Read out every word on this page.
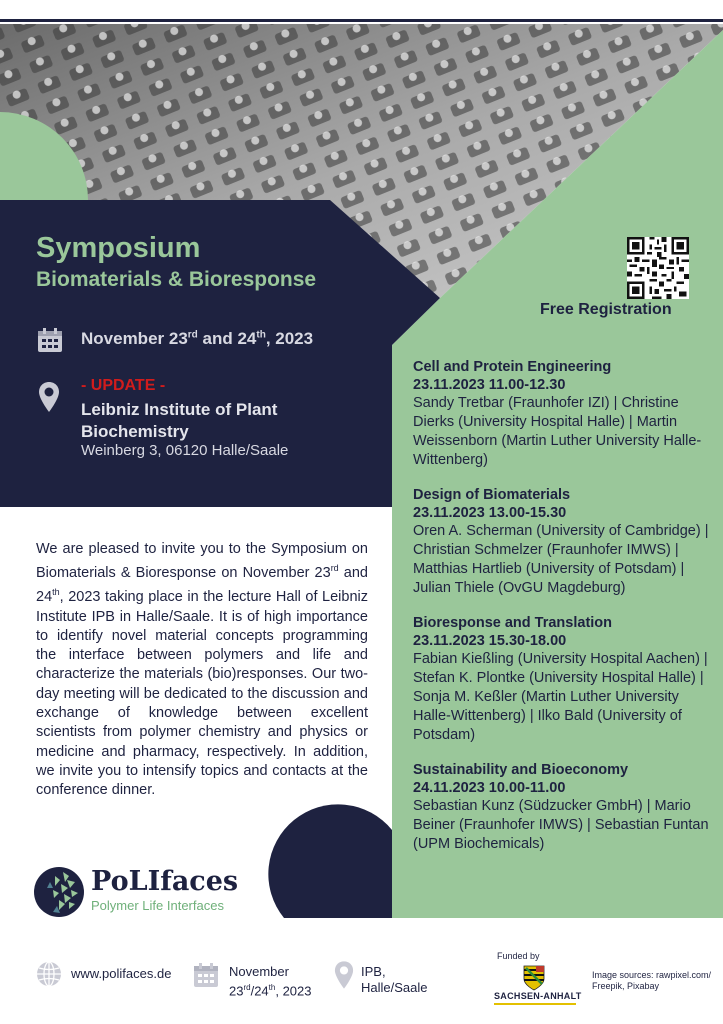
Symposium
Biomaterials & Bioresponse
November 23rd and 24th, 2023
- UPDATE -
Leibniz Institute of Plant Biochemistry
Weinberg 3, 06120 Halle/Saale
Free Registration
Cell and Protein Engineering
23.11.2023 11.00-12.30
Sandy Tretbar (Fraunhofer IZI) | Christine Dierks (University Hospital Halle) | Martin Weissenborn (Martin Luther University Halle-Wittenberg)
Design of Biomaterials
23.11.2023 13.00-15.30
Oren A. Scherman (University of Cambridge) | Christian Schmelzer (Fraunhofer IMWS) | Matthias Hartlieb (University of Potsdam) | Julian Thiele (OvGU Magdeburg)
Bioresponse and Translation
23.11.2023 15.30-18.00
Fabian Kießling (University Hospital Aachen) | Stefan K. Plontke (University Hospital Halle) | Sonja M. Keßler (Martin Luther University Halle-Wittenberg) | Ilko Bald (University of Potsdam)
Sustainability and Bioeconomy
24.11.2023 10.00-11.00
Sebastian Kunz (Südzucker GmbH) | Mario Beiner (Fraunhofer IMWS) | Sebastian Funtan (UPM Biochemicals)
We are pleased to invite you to the Symposium on Biomaterials & Bioresponse on November 23rd and 24th, 2023 taking place in the lecture Hall of Leibniz Institute IPB in Halle/Saale. It is of high importance to identify novel material concepts programming the interface between polymers and life and characterize the materials (bio)responses. Our two-day meeting will be dedicated to the discussion and exchange of knowledge between excellent scientists from polymer chemistry and physics or medicine and pharmacy, respectively. In addition, we invite you to intensify topics and contacts at the conference dinner.
PoLIfaces
Polymer Life Interfaces
www.polifaces.de	November
23rd/24th, 2023
IPB,
Halle/Saale
Funded by
SACHSEN-ANHALT
Image sources: rawpixel.com/ Freepik, Pixabay
